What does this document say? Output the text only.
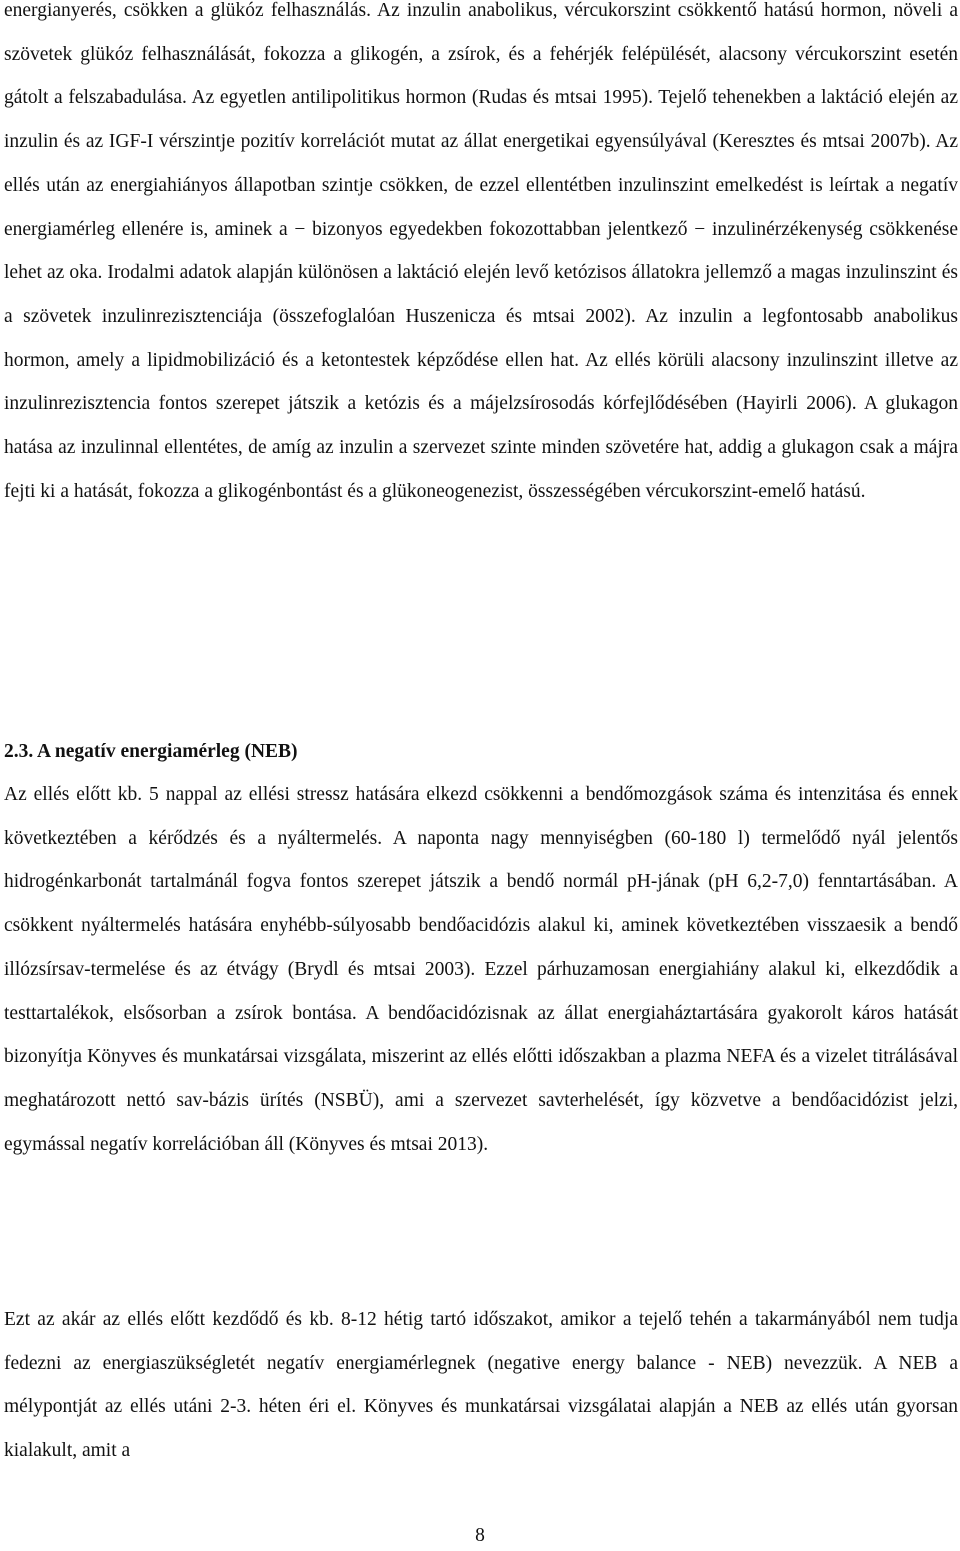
energianyerés, csökken a glükóz felhasználás. Az inzulin anabolikus, vércukorszint csökkentő hatású hormon, növeli a szövetek glükóz felhasználását, fokozza a glikogén, a zsírok, és a fehérjék felépülését, alacsony vércukorszint esetén gátolt a felszabadulása. Az egyetlen antilipolitikus hormon (Rudas és mtsai 1995). Tejelő tehenekben a laktáció elején az inzulin és az IGF-I vérszintje pozitív korrelációt mutat az állat energetikai egyensúlyával (Keresztes és mtsai 2007b). Az ellés után az energiahiányos állapotban szintje csökken, de ezzel ellentétben inzulinszint emelkedést is leírtak a negatív energiamérleg ellenére is, aminek a − bizonyos egyedekben fokozottabban jelentkező − inzulinérzékenység csökkenése lehet az oka. Irodalmi adatok alapján különösen a laktáció elején levő ketózisos állatokra jellemző a magas inzulinszint és a szövetek inzulinrezisztenciája (összefoglalóan Huszenicza és mtsai 2002). Az inzulin a legfontosabb anabolikus hormon, amely a lipidmobilizáció és a ketontestek képződése ellen hat. Az ellés körüli alacsony inzulinszint illetve az inzulinrezisztencia fontos szerepet játszik a ketózis és a májelzsírosodás kórfejlődésében (Hayirli 2006). A glukagon hatása az inzulinnal ellentétes, de amíg az inzulin a szervezet szinte minden szövetére hat, addig a glukagon csak a májra fejti ki a hatását, fokozza a glikogénbontást és a glükoneogenezist, összességében vércukorszint-emelő hatású.

2.3. A negatív energiamérleg (NEB)

Az ellés előtt kb. 5 nappal az ellési stressz hatására elkezd csökkenni a bendőmozgások száma és intenzitása és ennek következtében a kérődzés és a nyáltermelés. A naponta nagy mennyiségben (60-180 l) termelődő nyál jelentős hidrogénkarbonát tartalmánál fogva fontos szerepet játszik a bendő normál pH-jának (pH 6,2-7,0) fenntartásában. A csökkent nyáltermelés hatására enyhébb-súlyosabb bendőacidózis alakul ki, aminek következtében visszaesik a bendő illózsírsav-termelése és az étvágy (Brydl és mtsai 2003). Ezzel párhuzamosan energiahiány alakul ki, elkezdődik a testtartalékok, elsősorban a zsírok bontása. A bendőacidózisnak az állat energiaháztartására gyakorolt káros hatását bizonyítja Könyves és munkatársai vizsgálata, miszerint az ellés előtti időszakban a plazma NEFA és a vizelet titrálásával meghatározott nettó sav-bázis ürítés (NSBÜ), ami a szervezet savterhelését, így közvetve a bendőacidózist jelzi, egymással negatív korrelációban áll (Könyves és mtsai 2013).

Ezt az akár az ellés előtt kezdődő és kb. 8-12 hétig tartó időszakot, amikor a tejelő tehén a takarmányából nem tudja fedezni az energiaszükségletét negatív energiamérlegnek (negative energy balance - NEB) nevezzük. A NEB a mélypontját az ellés utáni 2-3. héten éri el. Könyves és munkatársai vizsgálatai alapján a NEB az ellés után gyorsan kialakult, amit a

8
